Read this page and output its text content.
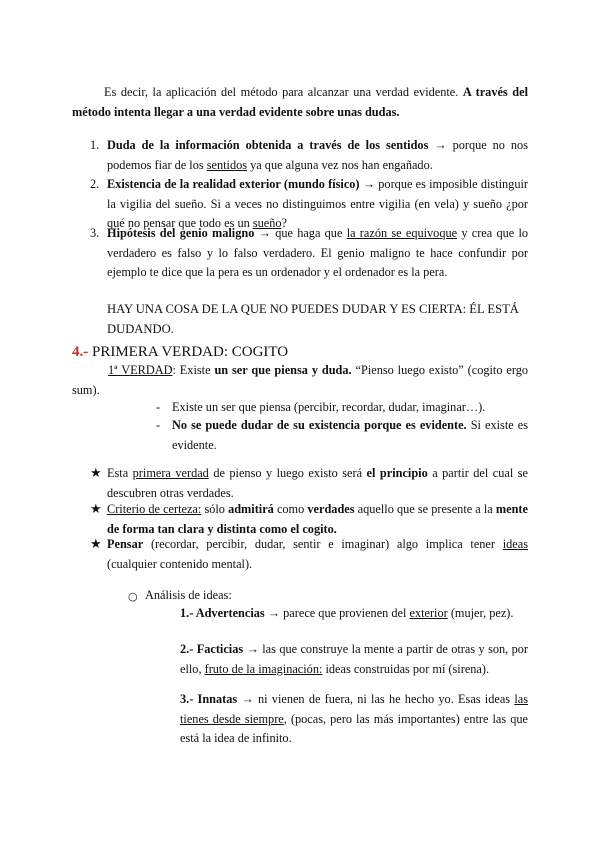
Es decir, la aplicación del método para alcanzar una verdad evidente. A través del método intenta llegar a una verdad evidente sobre unas dudas.
1. Duda de la información obtenida a través de los sentidos → porque no nos podemos fiar de los sentidos ya que alguna vez nos han engañado.
2. Existencia de la realidad exterior (mundo físico) → porque es imposible distinguir la vigilia del sueño. Si a veces no distinguimos entre vigilia (en vela) y sueño ¿por qué no pensar que todo es un sueño?
3. Hipótesis del genio maligno → que haga que la razón se equivoque y crea que lo verdadero es falso y lo falso verdadero. El genio maligno te hace confundir por ejemplo te dice que la pera es un ordenador y el ordenador es la pera.
HAY UNA COSA DE LA QUE NO PUEDES DUDAR Y ES CIERTA: ÉL ESTÁ DUDANDO.
4.- PRIMERA VERDAD: COGITO
1ª VERDAD: Existe un ser que piensa y duda. “Pienso luego existo” (cogito ergo sum).
- Existe un ser que piensa (percibir, recordar, dudar, imaginar…).
- No se puede dudar de su existencia porque es evidente. Si existe es evidente.
★ Esta primera verdad de pienso y luego existo será el principio a partir del cual se descubren otras verdades.
★ Criterio de certeza: sólo admitirá como verdades aquello que se presente a la mente de forma tan clara y distinta como el cogito.
★ Pensar (recordar, percibir, dudar, sentir e imaginar) algo implica tener ideas (cualquier contenido mental).
○ Análisis de ideas:
1.- Advertencias → parece que provienen del exterior (mujer, pez).
2.- Facticias → las que construye la mente a partir de otras y son, por ello, fruto de la imaginación: ideas construidas por mí (sirena).
3.- Innatas → ni vienen de fuera, ni las he hecho yo. Esas ideas las tienes desde siempre, (pocas, pero las más importantes) entre las que está la idea de infinito.
